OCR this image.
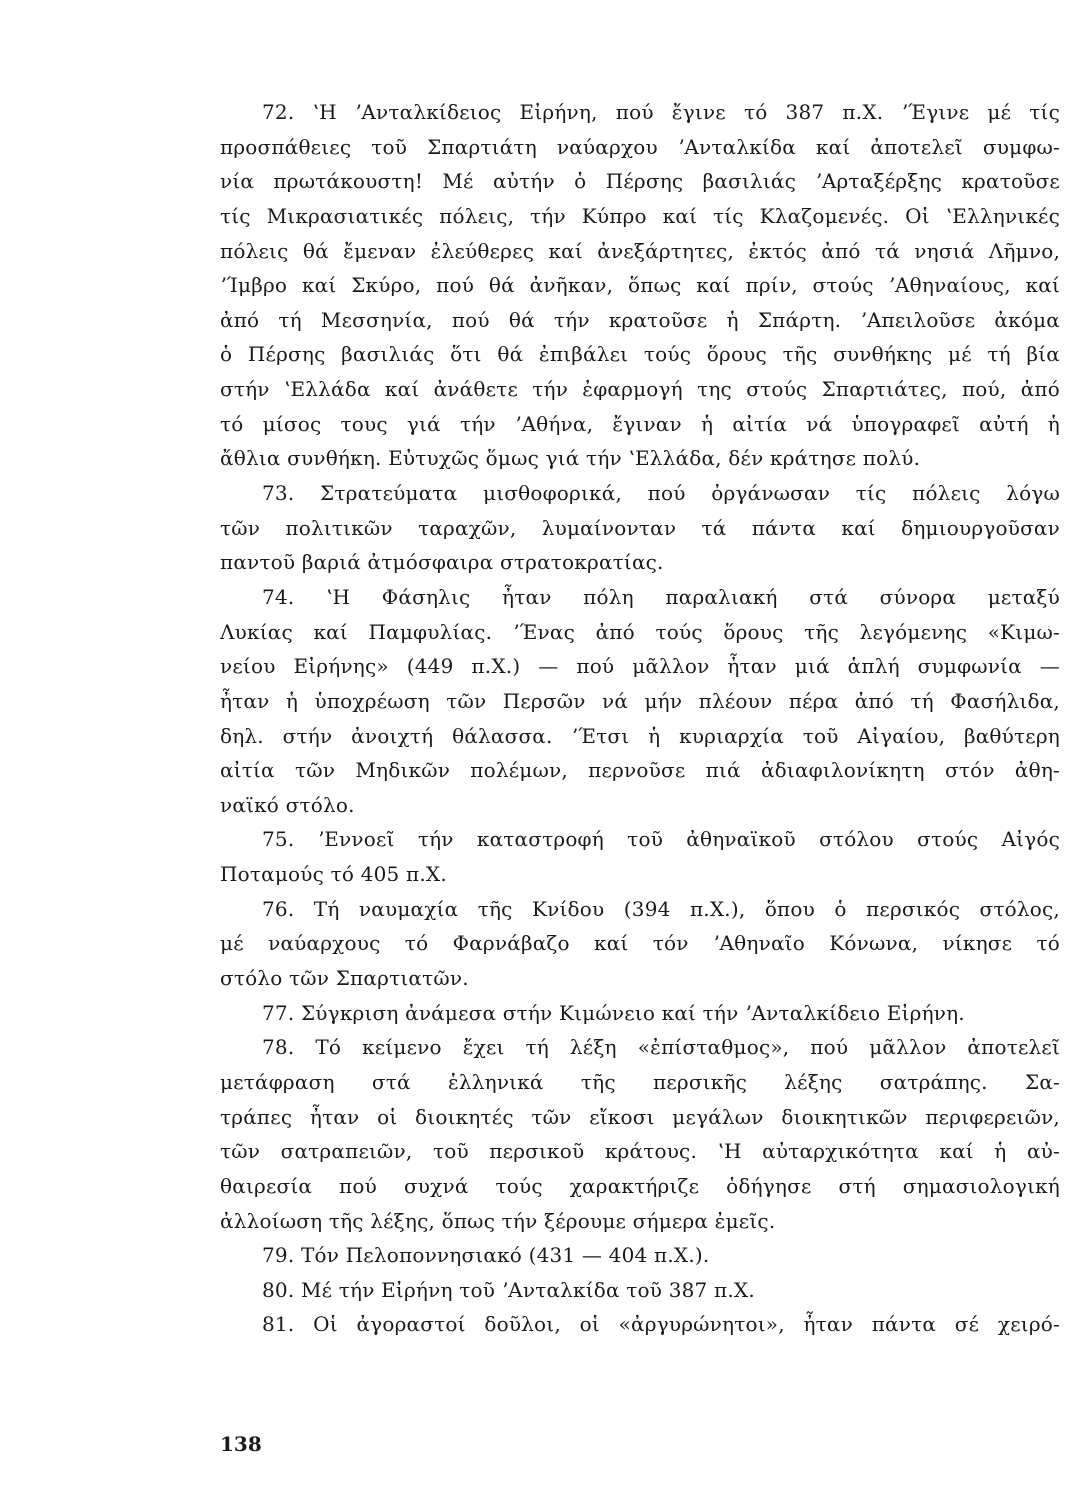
72. ʽΗ ʼΑνταλκίδειος Εἰρήνη, πού ἔγινε τό 387 π.Χ. ʼΈγινε μέ τίς
προσπάθειες τοῦ Σπαρτιάτη ναύαρχου ʼΑνταλκίδα καί ἀποτελεῖ συμφω-
νία πρωτάκουστη! Μέ αὐτήν ὁ Πέρσης βασιλιάς ʼΑρταξέρξης κρατοῦσε
τίς Μικρασιατικές πόλεις, τήν Κύπρο καί τίς Κλαζομενές. Οἱ ʽΕλληνικές
πόλεις θά ἔμεναν ἐλεύθερες καί ἀνεξάρτητες, ἐκτός ἀπό τά νησιά Λῆμνο,
ʼΊμβρο καί Σκύρο, πού θά ἀνῆκαν, ὅπως καί πρίν, στούς ʼΑθηναίους, καί
ἀπό τή Μεσσηνία, πού θά τήν κρατοῦσε ἡ Σπάρτη. ʼΑπειλοῦσε ἀκόμα
ὁ Πέρσης βασιλιάς ὅτι θά ἐπιβάλει τούς ὅρους τῆς συνθήκης μέ τή βία
στήν ʽΕλλάδα καί ἀνάθετε τήν ἐφαρμογή της στούς Σπαρτιάτες, πού, ἀπό
τό μίσος τους γιά τήν ʼΑθήνα, ἔγιναν ἡ αἰτία νά ὑπογραφεῖ αὐτή ἡ
ἄθλια συνθήκη. Εὐτυχῶς ὅμως γιά τήν ʽΕλλάδα, δέν κράτησε πολύ.
73. Στρατεύματα μισθοφορικά, πού ὀργάνωσαν τίς πόλεις λόγω
τῶν πολιτικῶν ταραχῶν, λυμαίνονταν τά πάντα καί δημιουργοῦσαν
παντοῦ βαριά ἀτμόσφαιρα στρατοκρατίας.
74. ʽΗ Φάσηλις ἦταν πόλη παραλιακή στά σύνορα μεταξύ
Λυκίας καί Παμφυλίας. ʼΈνας ἀπό τούς ὅρους τῆς λεγόμενης «Κιμω-
νείου Εἰρήνης» (449 π.Χ.) — πού μᾶλλον ἦταν μιά ἁπλή συμφωνία —
ἦταν ἡ ὑποχρέωση τῶν Περσῶν νά μήν πλέουν πέρα ἀπό τή Φασήλιδα,
δηλ. στήν ἀνοιχτή θάλασσα. ʼΈτσι ἡ κυριαρχία τοῦ Αἰγαίου, βαθύτερη
αἰτία τῶν Μηδικῶν πολέμων, περνοῦσε πιά ἀδιαφιλονίκητη στόν ἀθη-
ναϊκό στόλο.
75. ʼΕννοεῖ τήν καταστροφή τοῦ ἀθηναϊκοῦ στόλου στούς Αἰγός
Ποταμούς τό 405 π.Χ.
76. Τή ναυμαχία τῆς Κνίδου (394 π.Χ.), ὅπου ὁ περσικός στόλος,
μέ ναύαρχους τό Φαρνάβαζο καί τόν ʼΑθηναῖο Κόνωνα, νίκησε τό
στόλο τῶν Σπαρτιατῶν.
77. Σύγκριση ἀνάμεσα στήν Κιμώνειο καί τήν ʼΑνταλκίδειο Εἰρήνη.
78. Τό κείμενο ἔχει τή λέξη «ἐπίσταθμος», πού μᾶλλον ἀποτελεῖ
μετάφραση στά ἑλληνικά τῆς περσικῆς λέξης σατράπης. Σα-
τράπες ἦταν οἱ διοικητές τῶν εἴκοσι μεγάλων διοικητικῶν περιφερειῶν,
τῶν σατραπειῶν, τοῦ περσικοῦ κράτους. ʽΗ αὐταρχικότητα καί ἡ αὐ-
θαιρεσία πού συχνά τούς χαρακτήριζε ὁδήγησε στή σημασιολογική
ἀλλοίωση τῆς λέξης, ὅπως τήν ξέρουμε σήμερα ἐμεῖς.
79. Τόν Πελοποννησιακό (431 — 404 π.Χ.).
80. Μέ τήν Εἰρήνη τοῦ ʼΑνταλκίδα τοῦ 387 π.Χ.
81. Οἱ ἀγοραστοί δοῦλοι, οἱ «ἀργυρώνητοι», ἦταν πάντα σέ χειρό-
138
